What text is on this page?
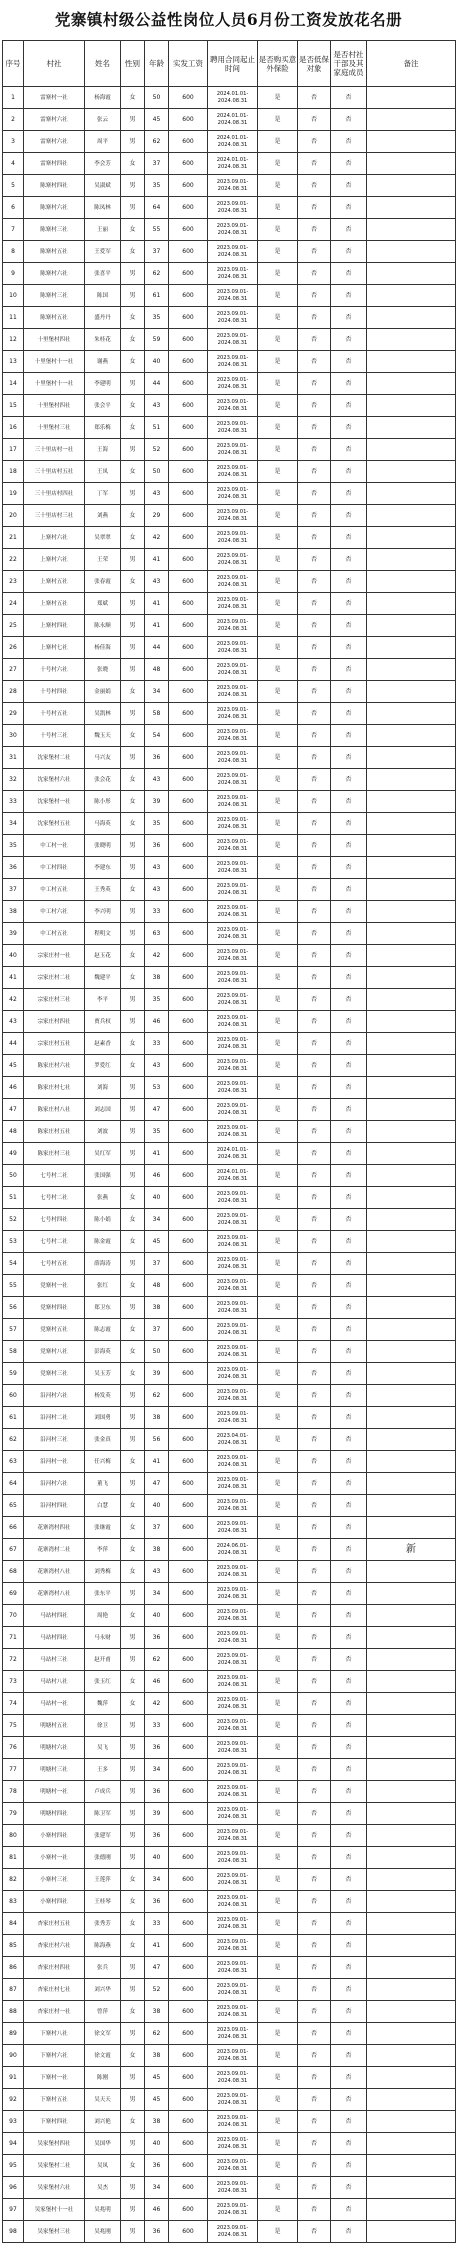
党寨镇村级公益性岗位人员6月份工资发放花名册
序号	村社	姓名	性别	年龄	实发工资	聘用合同起止时间	是否购买意外保险	是否低保对象	是否村社干部及其家庭成员	备注
1	雷寨村一社	杨海霞	女	50	600	2024.01.01-2024.08.31	是	否	否	
2	雷寨村六社	张云	男	45	600	2024.01.01-2024.08.31	是	否	否	
3	雷寨村六社	周平	男	62	600	2024.01.01-2024.08.31	是	否	否	
4	雷寨村四社	李会芳	女	37	600	2024.01.01-2024.08.31	是	否	否	
5	陈寨村四社	吴淑斌	男	35	600	2023.09.01-2024.08.31	是	否	否	
6	陈寨村六社	陈凤林	男	64	600	2023.09.01-2024.08.31	是	否	否	
7	陈寨村三社	王丽	女	55	600	2023.09.01-2024.08.31	是	否	否	
8	陈寨村五社	王爱军	女	37	600	2023.09.01-2024.08.31	是	否	否	
9	陈寨村六社	张喜平	男	62	600	2023.09.01-2024.08.31	是	否	否	
10	陈寨村三社	陈国	男	61	600	2023.09.01-2024.08.31	是	否	否	
11	陈寨村五社	盛丹丹	女	35	600	2023.09.01-2024.08.31	是	否	否	
12	十里堡村四社	朱桂花	女	59	600	2023.09.01-2024.08.31	是	否	否	
13	十里堡村十一社	谢燕	女	40	600	2023.09.01-2024.08.31	是	否	否	
14	十里堡村十一社	李建明	男	44	600	2023.09.01-2024.08.31	是	否	否	
15	十里堡村四社	张会平	女	43	600	2023.09.01-2024.08.31	是	否	否	
16	十里堡村三社	郑乐梅	女	51	600	2023.09.01-2024.08.31	是	否	否	
17	三十里店村一社	王海	男	52	600	2023.09.01-2024.08.31	是	否	否	
18	三十里店村五社	王凤	女	50	600	2023.09.01-2024.08.31	是	否	否	
19	三十里店村四社	丁军	男	43	600	2023.09.01-2024.08.31	是	否	否	
20	三十里店村三社	刘燕	女	29	600	2023.09.01-2024.08.31	是	否	否	
21	上寨村六社	吴翠翠	女	42	600	2023.09.01-2024.08.31	是	否	否	
22	上寨村六社	王荣	男	41	600	2023.09.01-2024.08.31	是	否	否	
23	上寨村五社	张春霞	女	43	600	2023.09.01-2024.08.31	是	否	否	
24	上寨村五社	郑斌	男	41	600	2023.09.01-2024.08.31	是	否	否	
25	上寨村四社	陈永顺	男	41	600	2023.09.01-2024.08.31	是	否	否	
26	上寨村七社	杨佳海	男	44	600	2023.09.01-2024.08.31	是	否	否	
27	十号村六社	张晓	男	48	600	2023.09.01-2024.08.31	是	否	否	
28	十号村四社	金丽娟	女	34	600	2023.09.01-2024.08.31	是	否	否	
29	十号村五社	吴凯林	男	58	600	2023.09.01-2024.08.31	是	否	否	
30	十号村三社	魏玉天	女	54	600	2023.09.01-2024.08.31	是	否	否	
31	沈家堡村二社	马兴友	男	36	600	2023.09.01-2024.08.31	是	否	否	
32	沈家堡村六社	张会花	女	43	600	2023.09.01-2024.08.31	是	否	否	
33	沈家堡村一社	陈小彤	女	39	600	2023.09.01-2024.08.31	是	否	否	
34	沈家堡村五社	马海英	女	35	600	2023.09.01-2024.08.31	是	否	否	
35	中工村一社	张晓明	男	36	600	2023.09.01-2024.08.31	是	否	否	
36	中工村四社	李建东	男	43	600	2023.09.01-2024.08.31	是	否	否	
37	中工村五社	王秀英	女	43	600	2023.09.01-2024.08.31	是	否	否	
38	中工村六社	李兴明	男	33	600	2023.09.01-2024.08.31	是	否	否	
39	中工村五社	程明文	男	63	600	2023.09.01-2024.08.31	是	否	否	
40	宗家庄村一社	赵玉花	女	42	600	2023.09.01-2024.08.31	是	否	否	
41	宗家庄村二社	魏建平	女	38	600	2023.09.01-2024.08.31	是	否	否	
42	宗家庄村三社	李平	男	35	600	2023.09.01-2024.08.31	是	否	否	
43	宗家庄村四社	贾兵权	男	46	600	2023.09.01-2024.08.31	是	否	否	
44	宗家庄村五社	赵素香	女	33	600	2023.09.01-2024.08.31	是	否	否	
45	陈家庄村六社	罗爱红	女	43	600	2023.09.01-2024.08.31	是	否	否	
46	陈家庄村七社	刘海	男	53	600	2023.09.01-2024.08.31	是	否	否	
47	陈家庄村八社	刘志国	男	47	600	2023.09.01-2024.08.31	是	否	否	
48	陈家庄村五社	刘波	男	35	600	2023.09.01-2024.08.31	是	否	否	
49	陈家庄村三社	吴红军	男	41	600	2024.01.01-2024.08.31	是	否	否	
50	七号村二社	张国强	男	46	600	2024.01.01-2024.08.31	是	否	否	
51	七号村二社	张燕	女	40	600	2023.09.01-2024.08.31	是	否	否	
52	七号村四社	陈小娟	女	34	600	2023.09.01-2024.08.31	是	否	否	
53	七号村二社	陈金霞	女	45	600	2023.09.01-2024.08.31	是	否	否	
54	七号村五社	薛海涛	男	37	600	2023.09.01-2024.08.31	是	否	否	
55	党寨村一社	张红	女	48	600	2023.09.01-2024.08.31	是	否	否	
56	党寨村四社	郑卫东	男	38	600	2023.09.01-2024.08.31	是	否	否	
57	党寨村五社	陈志霞	女	37	600	2023.09.01-2024.08.31	是	否	否	
58	党寨村八社	彭海英	女	50	600	2023.09.01-2024.08.31	是	否	否	
59	党寨村三社	吴玉芳	女	39	600	2023.09.01-2024.08.31	是	否	否	
60	沿河村六社	杨发英	男	62	600	2023.09.01-2024.08.31	是	否	否	
61	沿河村二社	刘国勇	男	38	600	2023.09.01-2024.08.31	是	否	否	
62	沿河村三社	张金真	男	56	600	2023.04.01-2024.08.31	是	否	否	
63	沿河村一社	任兴梅	女	41	600	2023.09.01-2024.08.31	是	否	否	
64	沿河村六社	董飞	男	47	600	2023.09.01-2024.08.31	是	否	否	
65	沿河村四社	白慧	女	40	600	2023.09.01-2024.08.31	是	否	否	
66	花寨湾村四社	张继霞	女	37	600	2023.09.01-2024.08.31	是	否	否	
67	花寨湾村二社	李萍	女	38	600	2024.06.01-2024.08.31	是	否	否	新
68	花寨湾村八社	刘秀梅	女	43	600	2023.09.01-2024.08.31	是	否	否	
69	花寨湾村八社	张东平	男	34	600	2023.09.01-2024.08.31	是	否	否	
70	马站村四社	周艳	女	40	600	2023.09.01-2024.08.31	是	否	否	
71	马站村四社	马永财	男	36	600	2023.09.01-2024.08.31	是	否	否	
72	马站村三社	赵开甫	男	62	600	2023.09.01-2024.08.31	是	否	否	
73	马站村八社	张玉红	女	46	600	2023.09.01-2024.08.31	是	否	否	
74	马站村一社	魏萍	女	42	600	2023.09.01-2024.08.31	是	否	否	
75	明塘村五社	徐卫	男	33	600	2023.09.01-2024.08.31	是	否	否	
76	明塘村六社	吴飞	男	36	600	2023.09.01-2024.08.31	是	否	否	
77	明塘村三社	王多	男	34	600	2023.09.01-2024.08.31	是	否	否	
78	明塘村一社	卢成兵	男	36	600	2023.09.01-2024.08.31	是	否	否	
79	明塘村四社	陈卫军	男	39	600	2023.09.01-2024.08.31	是	否	否	
80	小寨村四社	张建军	男	36	600	2023.09.01-2024.08.31	是	否	否	
81	小寨村一社	张德刚	男	40	600	2023.09.01-2024.08.31	是	否	否	
82	小寨村三社	王莲萍	女	34	600	2023.09.01-2024.08.31	是	否	否	
83	小寨村四社	王桂琴	女	36	600	2023.09.01-2024.08.31	是	否	否	
84	杏家庄村五社	张秀芳	女	33	600	2023.09.01-2024.08.31	是	否	否	
85	杏家庄村六社	陈海燕	女	41	600	2023.09.01-2024.08.31	是	否	否	
86	杏家庄村四社	张兵	男	47	600	2023.09.01-2024.08.31	是	否	否	
87	杏家庄村七社	刘兴华	男	52	600	2023.09.01-2024.08.31	是	否	否	
88	杏家庄村一社	曾萍	女	38	600	2023.09.01-2024.08.31	是	否	否	
89	下寨村八社	徐文军	男	62	600	2023.09.01-2024.08.31	是	否	否	
90	下寨村六社	徐文霞	女	38	600	2023.09.01-2024.08.31	是	否	否	
91	下寨村一社	陈刚	男	45	600	2023.09.01-2024.08.31	是	否	否	
92	下寨村五社	吴天天	男	45	600	2023.09.01-2024.08.31	是	否	否	
93	下寨村四社	刘兴艳	女	38	600	2023.09.01-2024.08.31	是	否	否	
94	吴家堡村四社	吴国华	男	40	600	2023.09.01-2024.08.31	是	否	否	
95	吴家堡村二社	吴凤	女	36	600	2023.09.01-2024.08.31	是	否	否	
96	吴家堡村六社	吴杰	男	34	600	2023.09.01-2024.08.31	是	否	否	
97	吴家堡村十一社	吴兆明	男	46	600	2023.09.01-2024.08.31	是	否	否	
98	吴家堡村三社	吴兆刚	男	36	600	2023.09.01-2024.08.31	是	否	否	
